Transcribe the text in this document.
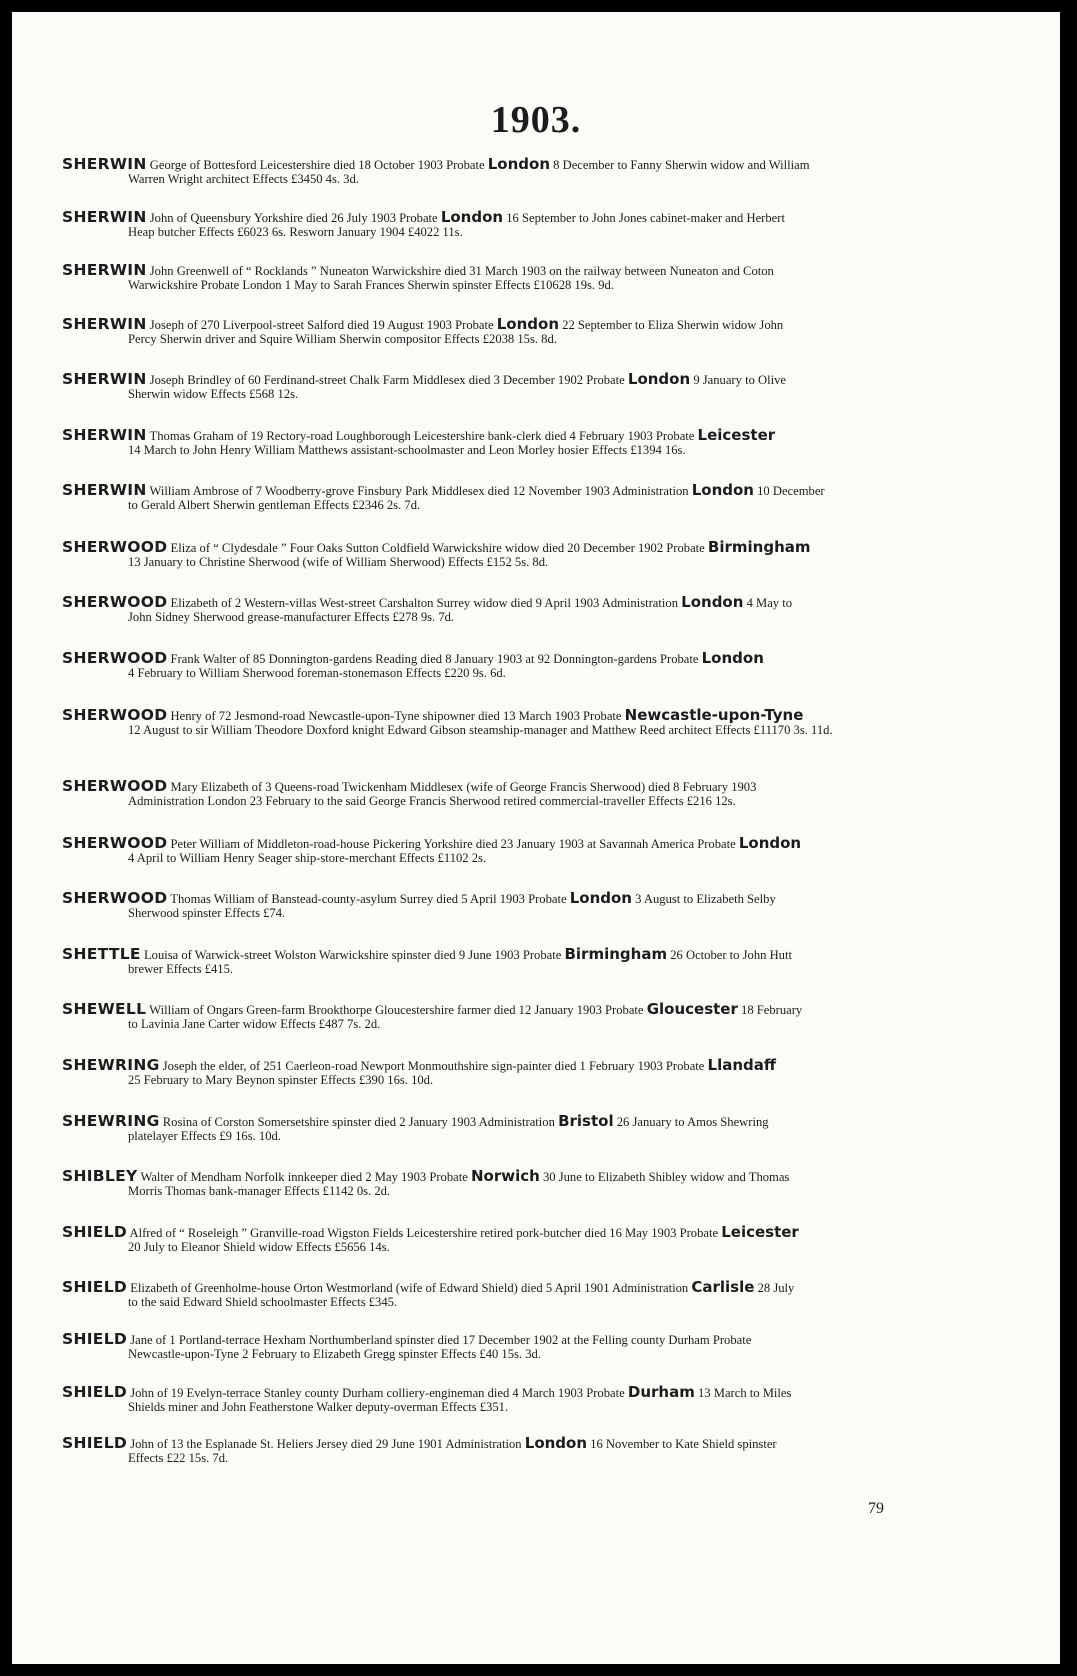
1903.
SHERWIN George of Bottesford Leicestershire died 18 October 1903 Probate London 8 December to Fanny Sherwin widow and William
Warren Wright architect Effects £3450 4s. 3d.
SHERWIN John of Queensbury Yorkshire died 26 July 1903 Probate London 16 September to John Jones cabinet-maker and Herbert
Heap butcher Effects £6023 6s. Resworn January 1904 £4022 11s.
SHERWIN John Greenwell of “ Rocklands ” Nuneaton Warwickshire died 31 March 1903 on the railway between Nuneaton and Coton
Warwickshire Probate London 1 May to Sarah Frances Sherwin spinster Effects £10628 19s. 9d.
SHERWIN Joseph of 270 Liverpool-street Salford died 19 August 1903 Probate London 22 September to Eliza Sherwin widow John
Percy Sherwin driver and Squire William Sherwin compositor Effects £2038 15s. 8d.
SHERWIN Joseph Brindley of 60 Ferdinand-street Chalk Farm Middlesex died 3 December 1902 Probate London 9 January to Olive
Sherwin widow Effects £568 12s.
SHERWIN Thomas Graham of 19 Rectory-road Loughborough Leicestershire bank-clerk died 4 February 1903 Probate Leicester
14 March to John Henry William Matthews assistant-schoolmaster and Leon Morley hosier Effects £1394 16s.
SHERWIN William Ambrose of 7 Woodberry-grove Finsbury Park Middlesex died 12 November 1903 Administration London 10 December
to Gerald Albert Sherwin gentleman Effects £2346 2s. 7d.
SHERWOOD Eliza of “ Clydesdale ” Four Oaks Sutton Coldfield Warwickshire widow died 20 December 1902 Probate Birmingham
13 January to Christine Sherwood (wife of William Sherwood) Effects £152 5s. 8d.
SHERWOOD Elizabeth of 2 Western-villas West-street Carshalton Surrey widow died 9 April 1903 Administration London 4 May to
John Sidney Sherwood grease-manufacturer Effects £278 9s. 7d.
SHERWOOD Frank Walter of 85 Donnington-gardens Reading died 8 January 1903 at 92 Donnington-gardens Probate London
4 February to William Sherwood foreman-stonemason Effects £220 9s. 6d.
SHERWOOD Henry of 72 Jesmond-road Newcastle-upon-Tyne shipowner died 13 March 1903 Probate Newcastle-upon-Tyne
12 August to sir William Theodore Doxford knight Edward Gibson steamship-manager and Matthew Reed architect Effects £11170 3s. 11d.
SHERWOOD Mary Elizabeth of 3 Queens-road Twickenham Middlesex (wife of George Francis Sherwood) died 8 February 1903
Administration London 23 February to the said George Francis Sherwood retired commercial-traveller Effects £216 12s.
SHERWOOD Peter William of Middleton-road-house Pickering Yorkshire died 23 January 1903 at Savannah America Probate London
4 April to William Henry Seager ship-store-merchant Effects £1102 2s.
SHERWOOD Thomas William of Banstead-county-asylum Surrey died 5 April 1903 Probate London 3 August to Elizabeth Selby
Sherwood spinster Effects £74.
SHETTLE Louisa of Warwick-street Wolston Warwickshire spinster died 9 June 1903 Probate Birmingham 26 October to John Hutt
brewer Effects £415.
SHEWELL William of Ongars Green-farm Brookthorpe Gloucestershire farmer died 12 January 1903 Probate Gloucester 18 February
to Lavinia Jane Carter widow Effects £487 7s. 2d.
SHEWRING Joseph the elder, of 251 Caerleon-road Newport Monmouthshire sign-painter died 1 February 1903 Probate Llandaff
25 February to Mary Beynon spinster Effects £390 16s. 10d.
SHEWRING Rosina of Corston Somersetshire spinster died 2 January 1903 Administration Bristol 26 January to Amos Shewring
platelayer Effects £9 16s. 10d.
SHIBLEY Walter of Mendham Norfolk innkeeper died 2 May 1903 Probate Norwich 30 June to Elizabeth Shibley widow and Thomas
Morris Thomas bank-manager Effects £1142 0s. 2d.
SHIELD Alfred of “ Roseleigh ” Granville-road Wigston Fields Leicestershire retired pork-butcher died 16 May 1903 Probate Leicester
20 July to Eleanor Shield widow Effects £5656 14s.
SHIELD Elizabeth of Greenholme-house Orton Westmorland (wife of Edward Shield) died 5 April 1901 Administration Carlisle 28 July
to the said Edward Shield schoolmaster Effects £345.
SHIELD Jane of 1 Portland-terrace Hexham Northumberland spinster died 17 December 1902 at the Felling county Durham Probate
Newcastle-upon-Tyne 2 February to Elizabeth Gregg spinster Effects £40 15s. 3d.
SHIELD John of 19 Evelyn-terrace Stanley county Durham colliery-engineman died 4 March 1903 Probate Durham 13 March to Miles
Shields miner and John Featherstone Walker deputy-overman Effects £351.
SHIELD John of 13 the Esplanade St. Heliers Jersey died 29 June 1901 Administration London 16 November to Kate Shield spinster
Effects £22 15s. 7d.
79
